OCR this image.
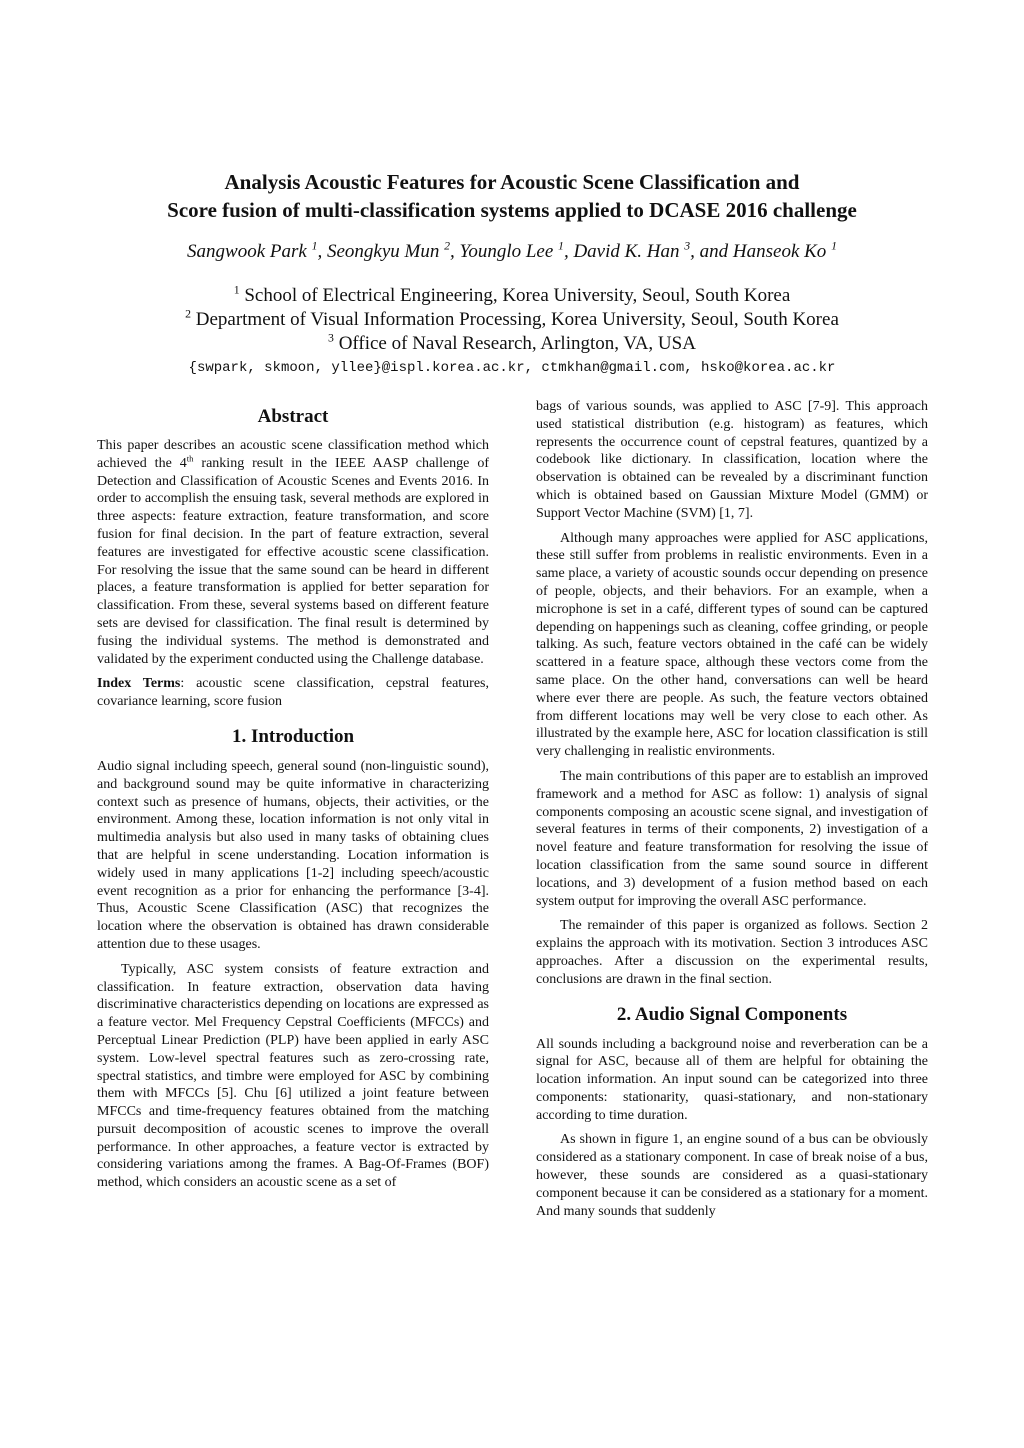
Analysis Acoustic Features for Acoustic Scene Classification and
Score fusion of multi-classification systems applied to DCASE 2016 challenge
Sangwook Park $^1$, Seongkyu Mun $^2$, Younglo Lee $^1$, David K. Han $^3$, and Hanseok Ko $^1$
$^1$ School of Electrical Engineering, Korea University, Seoul, South Korea
$^2$ Department of Visual Information Processing, Korea University, Seoul, South Korea
$^3$ Office of Naval Research, Arlington, VA, USA
{swpark, skmoon, yllee}@ispl.korea.ac.kr, ctmkhan@gmail.com, hsko@korea.ac.kr
Abstract

This paper describes an acoustic scene classification method which achieved the 4th ranking result in the IEEE AASP challenge of Detection and Classification of Acoustic Scenes and Events 2016. In order to accomplish the ensuing task, several methods are explored in three aspects: feature extraction, feature transformation, and score fusion for final decision. In the part of feature extraction, several features are investigated for effective acoustic scene classification. For resolving the issue that the same sound can be heard in different places, a feature transformation is applied for better separation for classification. From these, several systems based on different feature sets are devised for classification. The final result is determined by fusing the individual systems. The method is demonstrated and validated by the experiment conducted using the Challenge database.

Index Terms: acoustic scene classification, cepstral features, covariance learning, score fusion

1. Introduction

Audio signal including speech, general sound (non-linguistic sound), and background sound may be quite informative in characterizing context such as presence of humans, objects, their activities, or the environment. Among these, location information is not only vital in multimedia analysis but also used in many tasks of obtaining clues that are helpful in scene understanding. Location information is widely used in many applications [1-2] including speech/acoustic event recognition as a prior for enhancing the performance [3-4]. Thus, Acoustic Scene Classification (ASC) that recognizes the location where the observation is obtained has drawn considerable attention due to these usages.

Typically, ASC system consists of feature extraction and classification. In feature extraction, observation data having discriminative characteristics depending on locations are expressed as a feature vector. Mel Frequency Cepstral Coefficients (MFCCs) and Perceptual Linear Prediction (PLP) have been applied in early ASC system. Low-level spectral features such as zero-crossing rate, spectral statistics, and timbre were employed for ASC by combining them with MFCCs [5]. Chu [6] utilized a joint feature between MFCCs and time-frequency features obtained from the matching pursuit decomposition of acoustic scenes to improve the overall performance. In other approaches, a feature vector is extracted by considering variations among the frames. A Bag-Of-Frames (BOF) method, which considers an acoustic scene as a set of

bags of various sounds, was applied to ASC [7-9]. This approach used statistical distribution (e.g. histogram) as features, which represents the occurrence count of cepstral features, quantized by a codebook like dictionary. In classification, location where the observation is obtained can be revealed by a discriminant function which is obtained based on Gaussian Mixture Model (GMM) or Support Vector Machine (SVM) [1, 7].

Although many approaches were applied for ASC applications, these still suffer from problems in realistic environments. Even in a same place, a variety of acoustic sounds occur depending on presence of people, objects, and their behaviors. For an example, when a microphone is set in a café, different types of sound can be captured depending on happenings such as cleaning, coffee grinding, or people talking. As such, feature vectors obtained in the café can be widely scattered in a feature space, although these vectors come from the same place. On the other hand, conversations can well be heard where ever there are people. As such, the feature vectors obtained from different locations may well be very close to each other. As illustrated by the example here, ASC for location classification is still very challenging in realistic environments.

The main contributions of this paper are to establish an improved framework and a method for ASC as follow: 1) analysis of signal components composing an acoustic scene signal, and investigation of several features in terms of their components, 2) investigation of a novel feature and feature transformation for resolving the issue of location classification from the same sound source in different locations, and 3) development of a fusion method based on each system output for improving the overall ASC performance.

The remainder of this paper is organized as follows. Section 2 explains the approach with its motivation. Section 3 introduces ASC approaches. After a discussion on the experimental results, conclusions are drawn in the final section.

2. Audio Signal Components

All sounds including a background noise and reverberation can be a signal for ASC, because all of them are helpful for obtaining the location information. An input sound can be categorized into three components: stationarity, quasi-stationary, and non-stationary according to time duration.

As shown in figure 1, an engine sound of a bus can be obviously considered as a stationary component. In case of break noise of a bus, however, these sounds are considered as a quasi-stationary component because it can be considered as a stationary for a moment. And many sounds that suddenly
